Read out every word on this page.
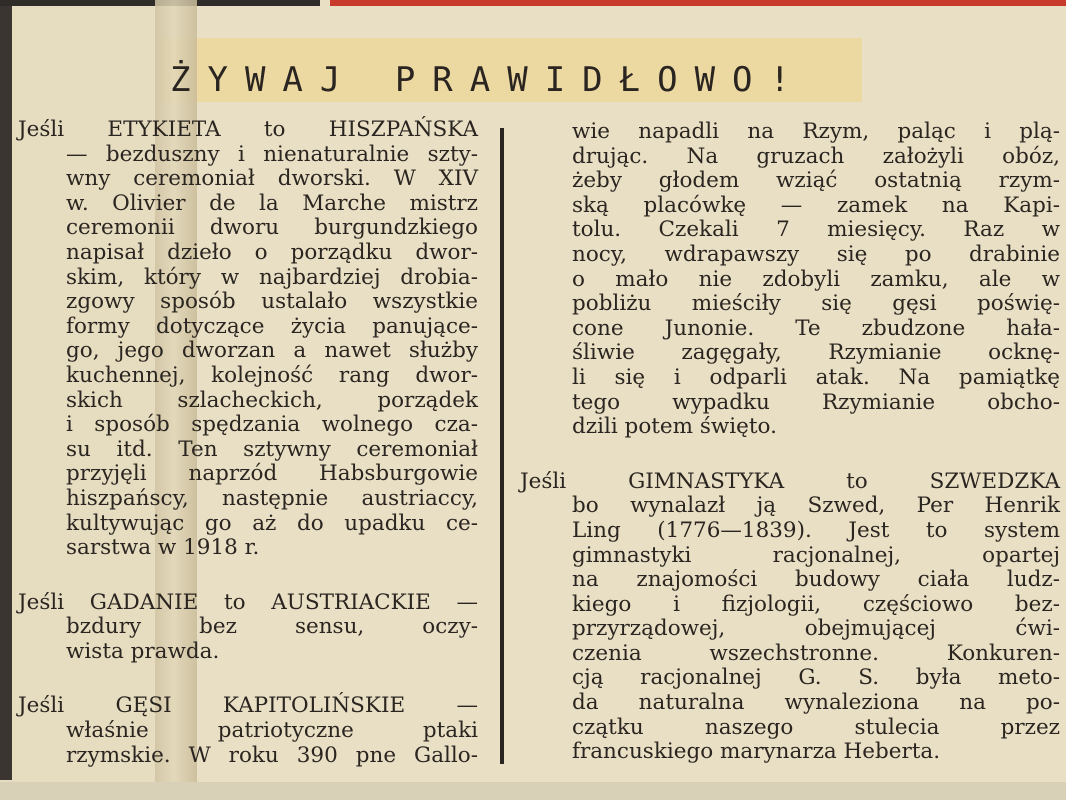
ŻYWAJ PRAWIDŁOWO!
Jeśli ETYKIETA to HISZPAŃSKA
— bezduszny i nienaturalnie szty-
wny ceremoniał dworski. W XIV
w. Olivier de la Marche mistrz
ceremonii dworu burgundzkiego
napisał dzieło o porządku dwor-
skim, który w najbardziej drobia-
zgowy sposób ustalało wszystkie
formy dotyczące życia panujące-
go, jego dworzan a nawet służby
kuchennej, kolejność rang dwor-
skich szlacheckich, porządek
i sposób spędzania wolnego cza-
su itd. Ten sztywny ceremoniał
przyjęli naprzód Habsburgowie
hiszpańscy, następnie austriaccy,
kultywując go aż do upadku ce-
sarstwa w 1918 r.
Jeśli GADANIE to AUSTRIACKIE —
bzdury bez sensu, oczy-
wista prawda.
Jeśli GĘSI KAPITOLIŃSKIE —
właśnie patriotyczne ptaki
rzymskie. W roku 390 pne Gallo-
wie napadli na Rzym, paląc i plą-
drując. Na gruzach założyli obóz,
żeby głodem wziąć ostatnią rzym-
ską placówkę — zamek na Kapi-
tolu. Czekali 7 miesięcy. Raz w
nocy, wdrapawszy się po drabinie
o mało nie zdobyli zamku, ale w
pobliżu mieściły się gęsi poświę-
cone Junonie. Te zbudzone hała-
śliwie zagęgały, Rzymianie ocknę-
li się i odparli atak. Na pamiątkę
tego wypadku Rzymianie obcho-
dzili potem święto.
Jeśli GIMNASTYKA to SZWEDZKA
bo wynalazł ją Szwed, Per Henrik
Ling (1776—1839). Jest to system
gimnastyki racjonalnej, opartej
na znajomości budowy ciała ludz-
kiego i fizjologii, częściowo bez-
przyrządowej, obejmującej ćwi-
czenia wszechstronne. Konkuren-
cją racjonalnej G. S. była meto-
da naturalna wynaleziona na po-
czątku naszego stulecia przez
francuskiego marynarza Heberta.
